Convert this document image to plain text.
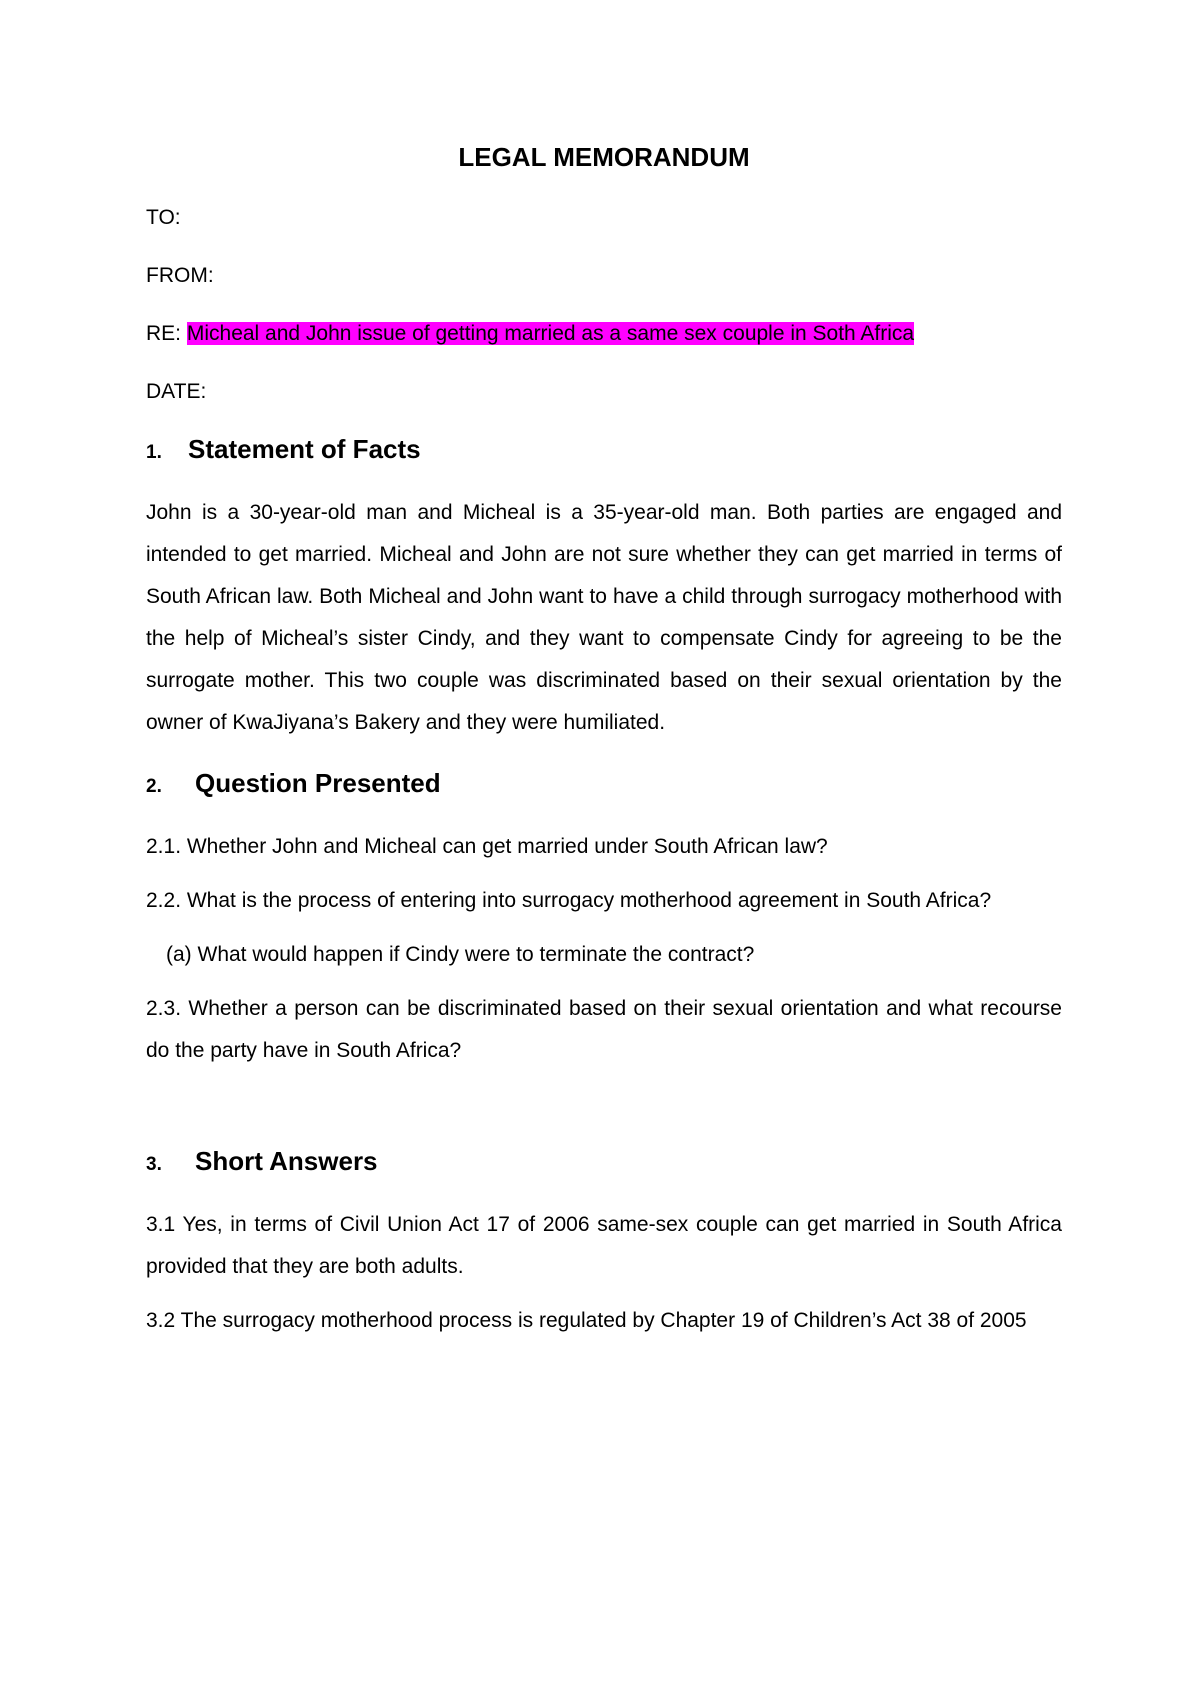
LEGAL MEMORANDUM
TO:
FROM:
RE: Micheal and John issue of getting married as a same sex couple in Soth Africa
DATE:
1.	Statement of Facts

John is a 30-year-old man and Micheal is a 35-year-old man. Both parties are engaged and intended to get married. Micheal and John are not sure whether they can get married in terms of South African law. Both Micheal and John want to have a child through surrogacy motherhood with the help of Micheal’s sister Cindy, and they want to compensate Cindy for agreeing to be the surrogate mother. This two couple was discriminated based on their sexual orientation by the owner of KwaJiyana’s Bakery and they were humiliated.

2.	Question Presented

2.1. Whether John and Micheal can get married under South African law?

2.2. What is the process of entering into surrogacy motherhood agreement in South Africa?

(a) What would happen if Cindy were to terminate the contract?

2.3. Whether a person can be discriminated based on their sexual orientation and what recourse do the party have in South Africa?

3.	Short Answers

3.1 Yes, in terms of Civil Union Act 17 of 2006 same-sex couple can get married in South Africa provided that they are both adults.

3.2 The surrogacy motherhood process is regulated by Chapter 19 of Children’s Act 38 of 2005
